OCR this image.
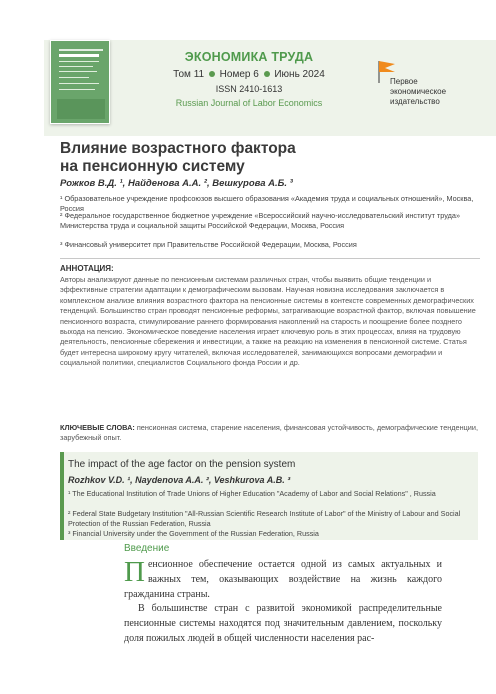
ЭКОНОМИКА ТРУДА
Том 11 Номер 6 Июнь 2024
ISSN 2410-1613
Russian Journal of Labor Economics
Первое
экономическое
издательство
Влияние возрастного фактора
на пенсионную систему
Рожков В.Д. ¹, Найденова А.А. ², Вешкурова А.Б. ³
¹ Образовательное учреждение профсоюзов высшего образования «Академия труда и социальных отношений», Москва, Россия
² Федеральное государственное бюджетное учреждение «Всероссийский научно-исследовательский институт труда» Министерства труда и социальной защиты Российской Федерации, Москва, Россия
³ Финансовый университет при Правительстве Российской Федерации, Москва, Россия
АННОТАЦИЯ:
Авторы анализируют данные по пенсионным системам различных стран, чтобы выявить общие тенденции и эффективные стратегии адаптации к демографическим вызовам. Научная новизна исследования заключается в комплексном анализе влияния возрастного фактора на пенсионные системы в контексте современных демографических тенденций. Большинство стран проводят пенсионные реформы, затрагивающие возрастной фактор, включая повышение пенсионного возраста, стимулирование раннего формирования накоплений на старость и поощрение более позднего выхода на пенсию. Экономическое поведение населения играет ключевую роль в этих процессах, влияя на трудовую деятельность, пенсионные сбережения и инвестиции, а также на реакцию на изменения в пенсионной системе. Статья будет интересна широкому кругу читателей, включая исследователей, занимающихся вопросами демографии и социальной политики, специалистов Социального фонда России и др.
КЛЮЧЕВЫЕ СЛОВА: пенсионная система, старение населения, финансовая устойчивость, демографические тенденции, зарубежный опыт.
The impact of the age factor on the pension system
Rozhkov V.D. ¹, Naydenova A.A. ², Veshkurova A.B. ³
¹ The Educational Institution of Trade Unions of Higher Education "Academy of Labor and Social Relations" , Russia
² Federal State Budgetary Institution "All-Russian Scientific Research Institute of Labor" of the Ministry of Labour and Social Protection of the Russian Federation, Russia
³ Financial University under the Government of the Russian Federation, Russia
Введение

Пенсионное обеспечение остается одной из самых актуальных и важных тем, оказывающих воздействие на жизнь каждого гражданина страны.

В большинстве стран с развитой экономикой распределительные пенсионные системы находятся под значительным давлением, поскольку доля пожилых людей в общей численности населения рас-
